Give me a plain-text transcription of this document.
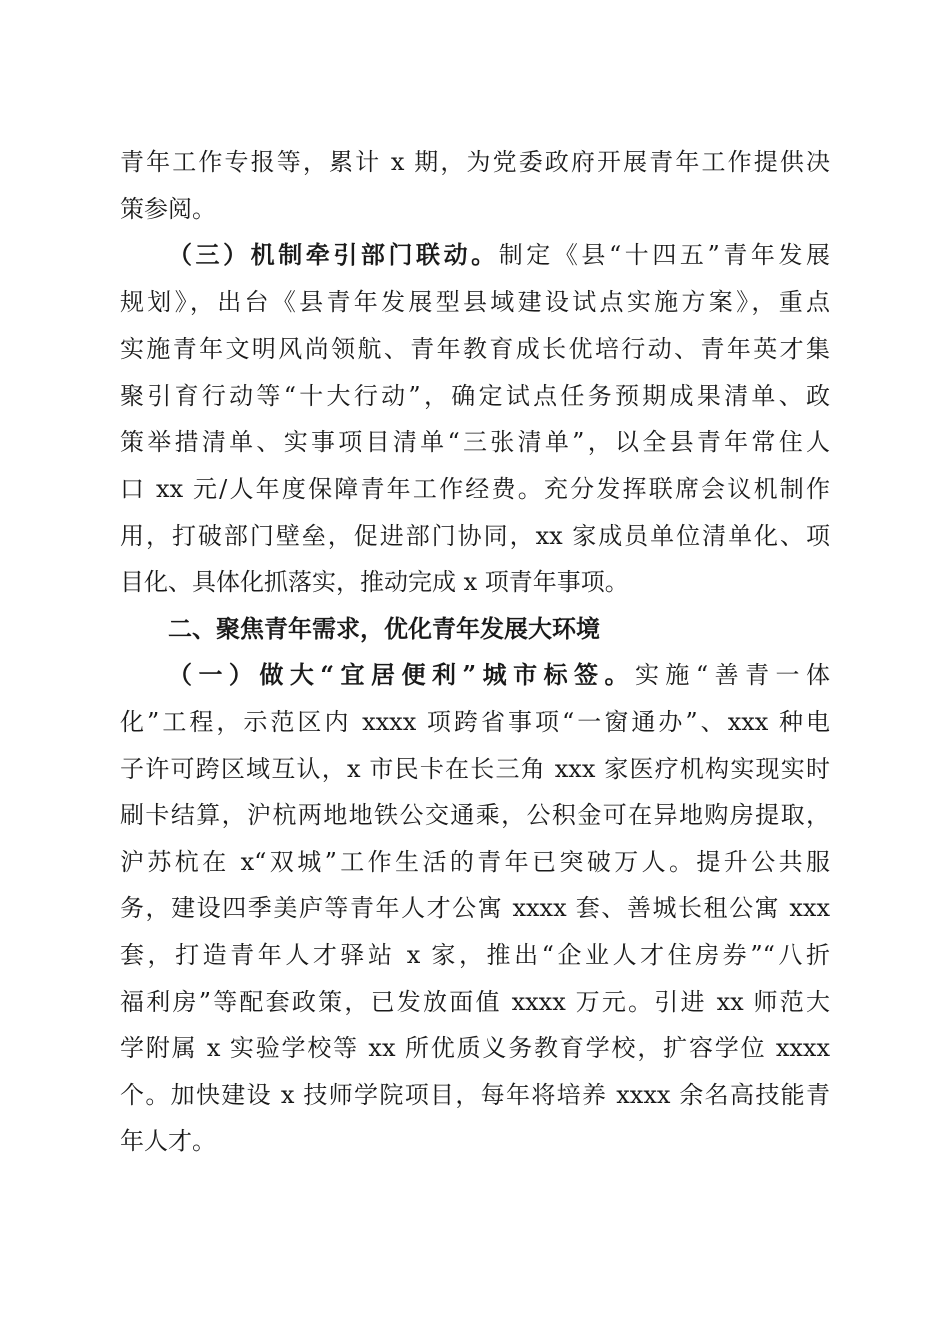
青年工作专报等，累计 x 期，为党委政府开展青年工作提供决
策参阅。
（三）机制牵引部门联动。制定《县“十四五”青年发展
规划》，出台《县青年发展型县域建设试点实施方案》，重点
实施青年文明风尚领航、青年教育成长优培行动、青年英才集
聚引育行动等“十大行动”，确定试点任务预期成果清单、政
策举措清单、实事项目清单“三张清单”，以全县青年常住人
口 xx 元/人年度保障青年工作经费。充分发挥联席会议机制作
用，打破部门壁垒，促进部门协同，xx 家成员单位清单化、项
目化、具体化抓落实，推动完成 x 项青年事项。
二、聚焦青年需求，优化青年发展大环境
（一）做大“宜居便利”城市标签。实施“善青一体
化”工程，示范区内 xxxx 项跨省事项“一窗通办”、xxx 种电
子许可跨区域互认，x 市民卡在长三角 xxx 家医疗机构实现实时
刷卡结算，沪杭两地地铁公交通乘，公积金可在异地购房提取，
沪苏杭在 x“双城”工作生活的青年已突破万人。提升公共服
务，建设四季美庐等青年人才公寓 xxxx 套、善城长租公寓 xxx
套，打造青年人才驿站 x 家，推出“企业人才住房券”“八折
福利房”等配套政策，已发放面值 xxxx 万元。引进 xx 师范大
学附属 x 实验学校等 xx 所优质义务教育学校，扩容学位 xxxx
个。加快建设 x 技师学院项目，每年将培养 xxxx 余名高技能青
年人才。
